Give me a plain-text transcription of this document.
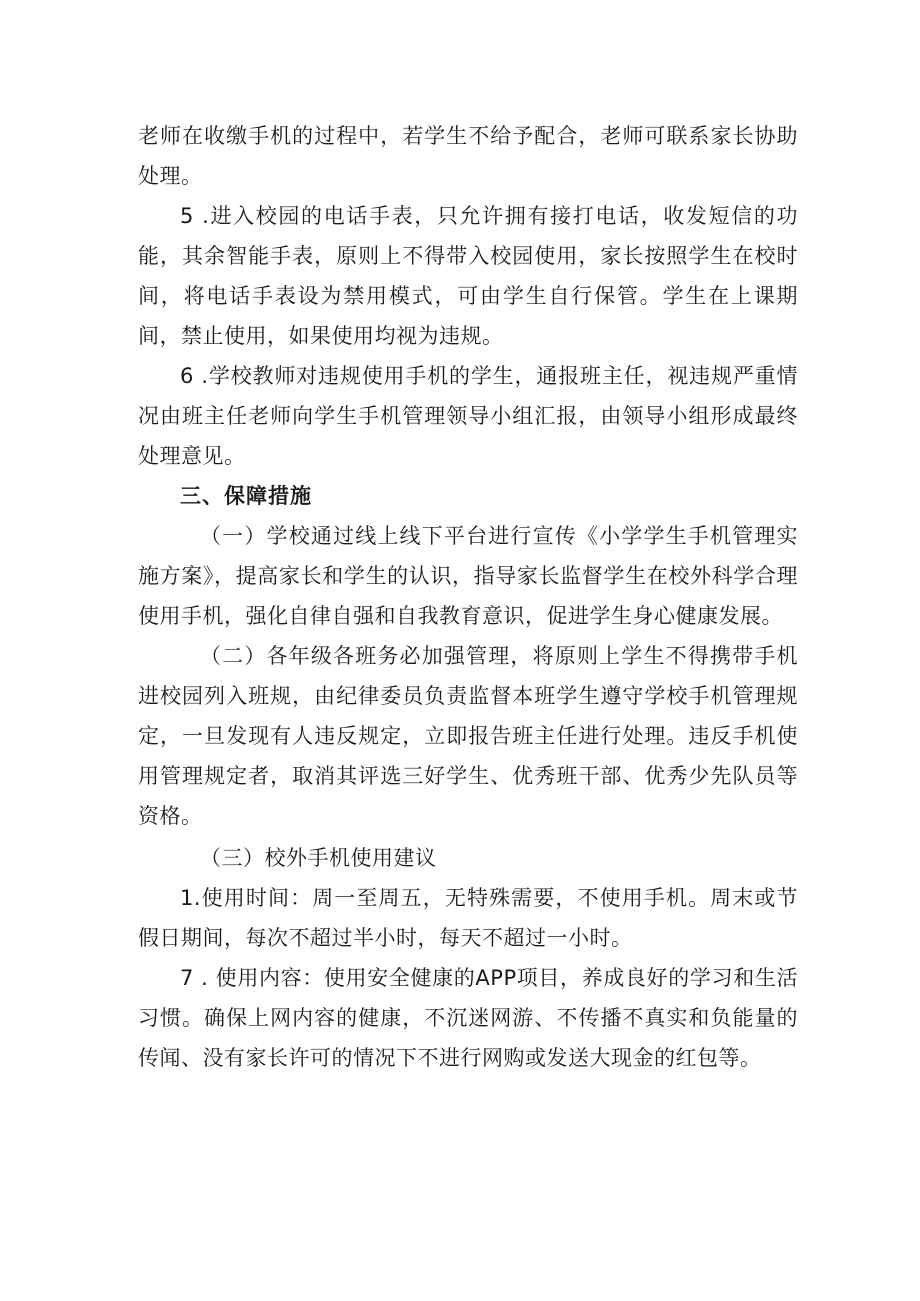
老师在收缴手机的过程中，若学生不给予配合，老师可联系家长协助处理。

5 .进入校园的电话手表，只允许拥有接打电话，收发短信的功能，其余智能手表，原则上不得带入校园使用，家长按照学生在校时间，将电话手表设为禁用模式，可由学生自行保管。学生在上课期间，禁止使用，如果使用均视为违规。

6 .学校教师对违规使用手机的学生，通报班主任，视违规严重情况由班主任老师向学生手机管理领导小组汇报，由领导小组形成最终处理意见。

三、保障措施

（一）学校通过线上线下平台进行宣传《小学学生手机管理实施方案》，提高家长和学生的认识，指导家长监督学生在校外科学合理使用手机，强化自律自强和自我教育意识，促进学生身心健康发展。

（二）各年级各班务必加强管理，将原则上学生不得携带手机进校园列入班规，由纪律委员负责监督本班学生遵守学校手机管理规定，一旦发现有人违反规定，立即报告班主任进行处理。违反手机使用管理规定者，取消其评选三好学生、优秀班干部、优秀少先队员等资格。

（三）校外手机使用建议

1.使用时间：周一至周五，无特殊需要，不使用手机。周末或节假日期间，每次不超过半小时，每天不超过一小时。

7 . 使用内容：使用安全健康的APP项目，养成良好的学习和生活习惯。确保上网内容的健康，不沉迷网游、不传播不真实和负能量的传闻、没有家长许可的情况下不进行网购或发送大现金的红包等。
